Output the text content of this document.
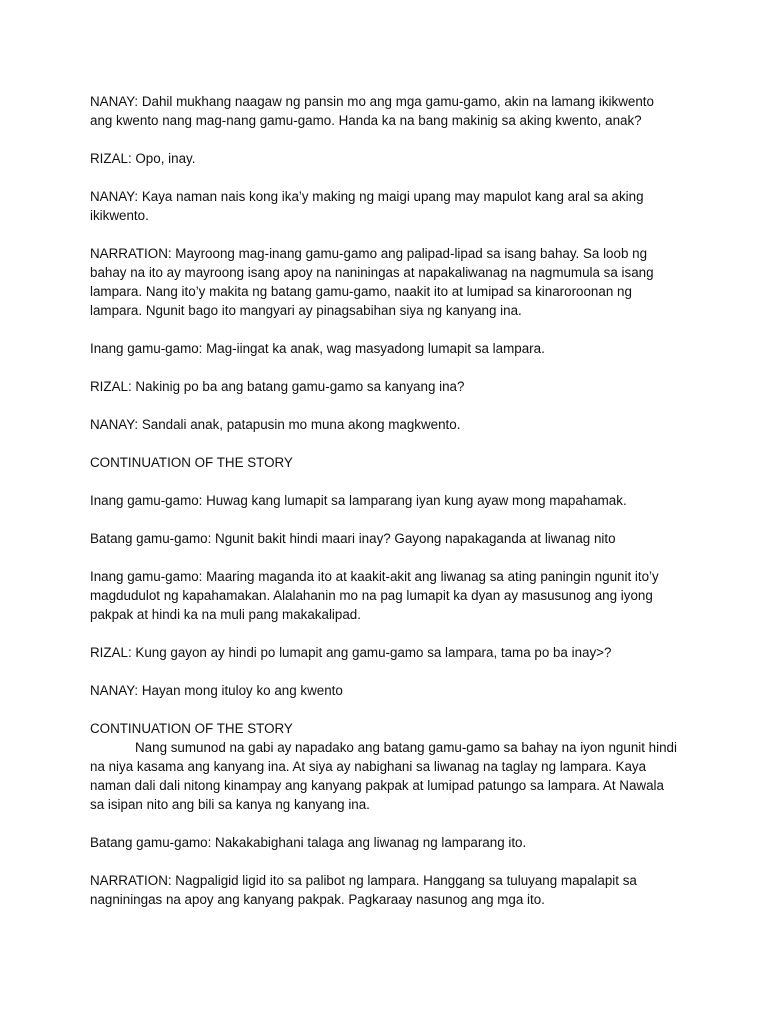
NANAY: Dahil mukhang naagaw ng pansin mo ang mga gamu-gamo, akin na lamang ikikwento ang kwento nang mag-nang gamu-gamo. Handa ka na bang makinig sa aking kwento, anak?

RIZAL: Opo, inay.

NANAY: Kaya naman nais kong ika’y making ng maigi upang may mapulot kang aral sa aking ikikwento.

NARRATION: Mayroong mag-inang gamu-gamo ang palipad-lipad sa isang bahay. Sa loob ng bahay na ito ay mayroong isang apoy na naniningas at napakaliwanag na nagmumula sa isang lampara. Nang ito’y makita ng batang gamu-gamo, naakit ito at lumipad sa kinaroroonan ng lampara. Ngunit bago ito mangyari ay pinagsabihan siya ng kanyang ina.

Inang gamu-gamo: Mag-iingat ka anak, wag masyadong lumapit sa lampara.

RIZAL: Nakinig po ba ang batang gamu-gamo sa kanyang ina?

NANAY: Sandali anak, patapusin mo muna akong magkwento.

CONTINUATION OF THE STORY

Inang gamu-gamo: Huwag kang lumapit sa lamparang iyan kung ayaw mong mapahamak.

Batang gamu-gamo: Ngunit bakit hindi maari inay? Gayong napakaganda at liwanag nito

Inang gamu-gamo: Maaring maganda ito at kaakit-akit ang liwanag sa ating paningin ngunit ito’y magdudulot ng kapahamakan. Alalahanin mo na pag lumapit ka dyan ay masusunog ang iyong pakpak at hindi ka na muli pang makakalipad.

RIZAL: Kung gayon ay hindi po lumapit ang gamu-gamo sa lampara, tama po ba inay>?

NANAY: Hayan mong ituloy ko ang kwento

CONTINUATION OF THE STORY

Nang sumunod na gabi ay napadako ang batang gamu-gamo sa bahay na iyon ngunit hindi na niya kasama ang kanyang ina. At siya ay nabighani sa liwanag na taglay ng lampara. Kaya naman dali dali nitong kinampay ang kanyang pakpak at lumipad patungo sa lampara. At Nawala sa isipan nito ang bili sa kanya ng kanyang ina.

Batang gamu-gamo: Nakakabighani talaga ang liwanag ng lamparang ito.

NARRATION: Nagpaligid ligid ito sa palibot ng lampara. Hanggang sa tuluyang mapalapit sa nagniningas na apoy ang kanyang pakpak. Pagkaraay nasunog ang mga ito.
